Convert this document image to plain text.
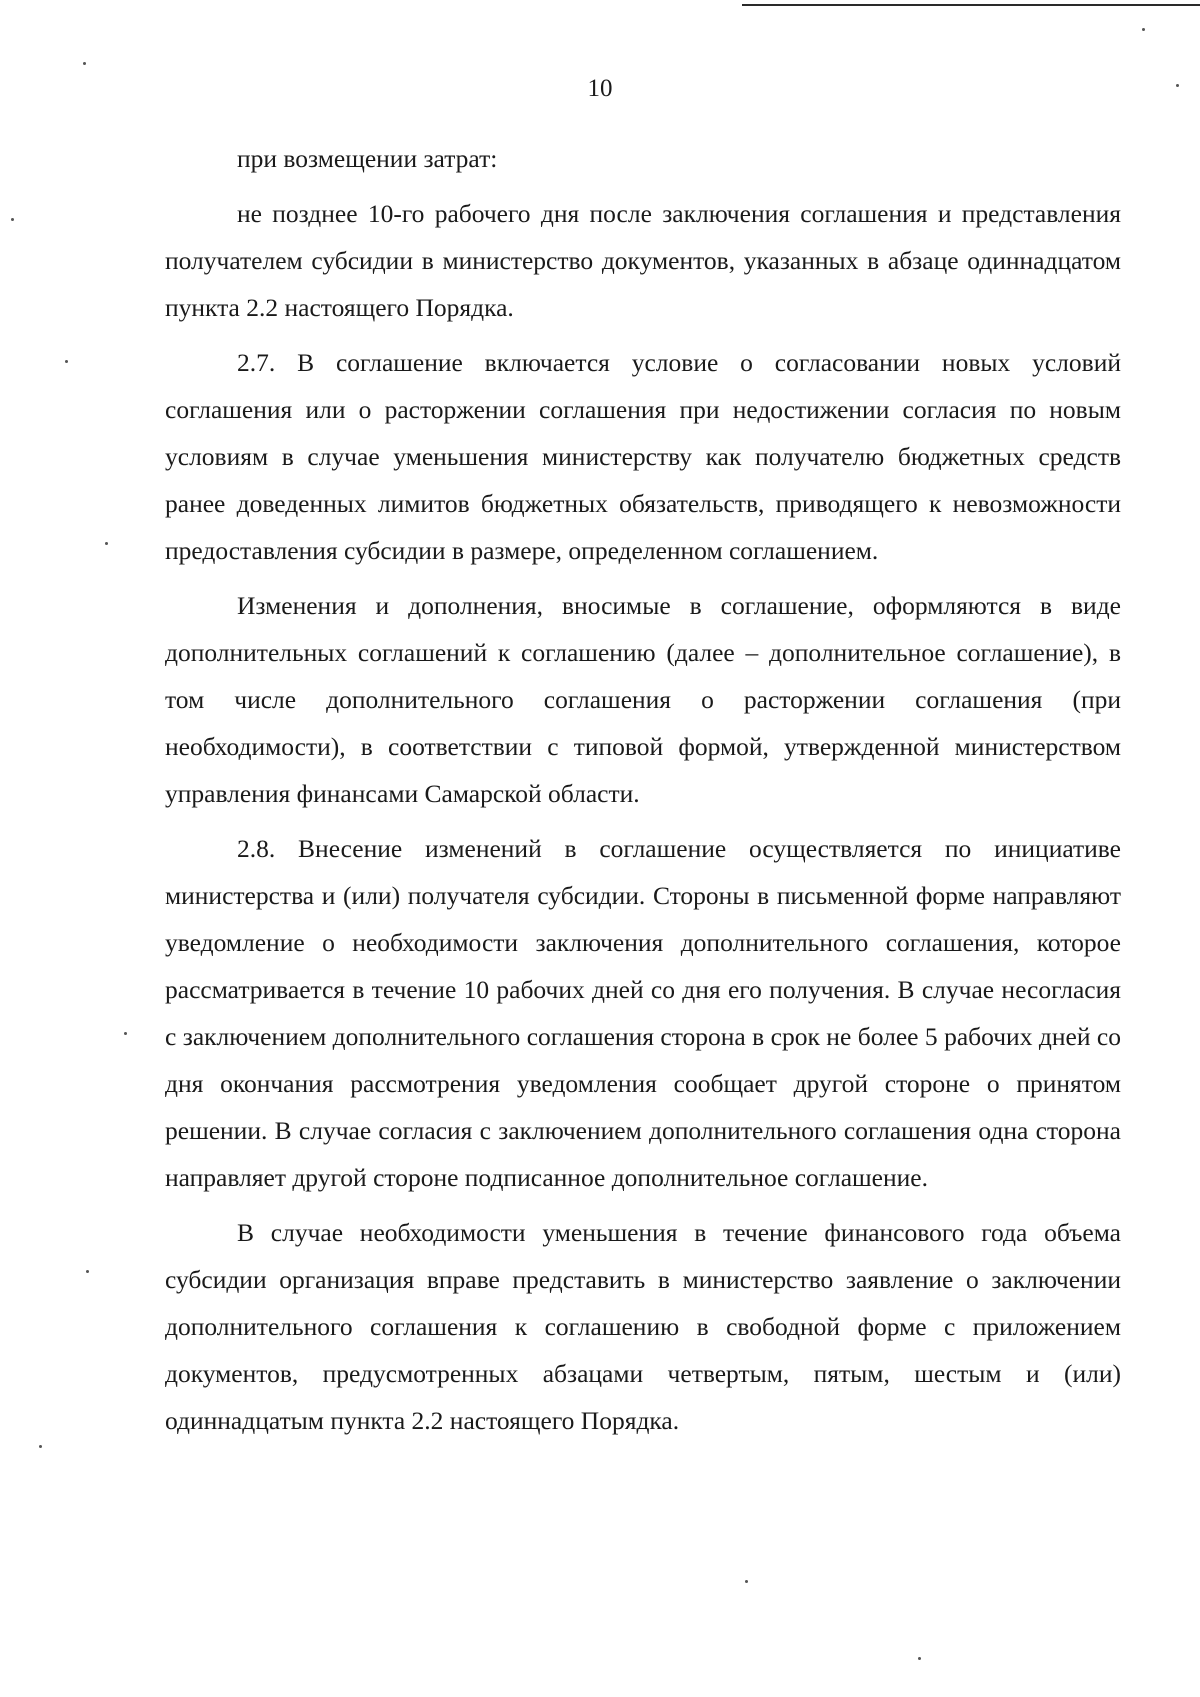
10

при возмещении затрат:

не позднее 10-го рабочего дня после заключения соглашения и представления получателем субсидии в министерство документов, указанных в абзаце одиннадцатом пункта 2.2 настоящего Порядка.

2.7. В соглашение включается условие о согласовании новых условий соглашения или о расторжении соглашения при недостижении согласия по новым условиям в случае уменьшения министерству как получателю бюджетных средств ранее доведенных лимитов бюджетных обязательств, приводящего к невозможности предоставления субсидии в размере, определенном соглашением.

Изменения и дополнения, вносимые в соглашение, оформляются в виде дополнительных соглашений к соглашению (далее – дополнительное соглашение), в том числе дополнительного соглашения о расторжении соглашения (при необходимости), в соответствии с типовой формой, утвержденной министерством управления финансами Самарской области.

2.8. Внесение изменений в соглашение осуществляется по инициативе министерства и (или) получателя субсидии. Стороны в письменной форме направляют уведомление о необходимости заключения дополнительного соглашения, которое рассматривается в течение 10 рабочих дней со дня его получения. В случае несогласия с заключением дополнительного соглашения сторона в срок не более 5 рабочих дней со дня окончания рассмотрения уведомления сообщает другой стороне о принятом решении. В случае согласия с заключением дополнительного соглашения одна сторона направляет другой стороне подписанное дополнительное соглашение.

В случае необходимости уменьшения в течение финансового года объема субсидии организация вправе представить в министерство заявление о заключении дополнительного соглашения к соглашению в свободной форме с приложением документов, предусмотренных абзацами четвертым, пятым, шестым и (или) одиннадцатым пункта 2.2 настоящего Порядка.
